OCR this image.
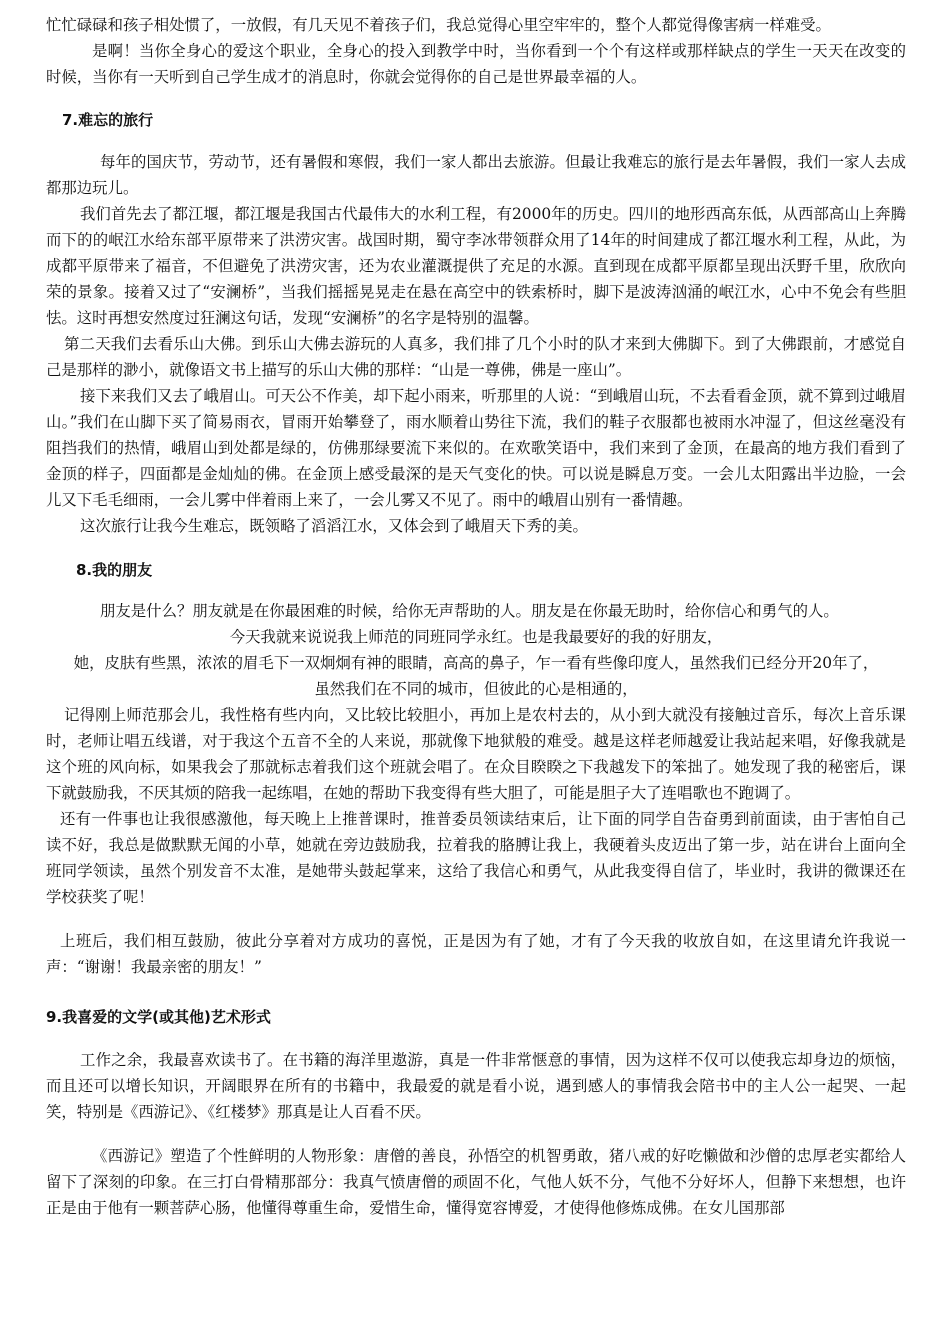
忙忙碌碌和孩子相处惯了，一放假，有几天见不着孩子们，我总觉得心里空牢牢的，整个人都觉得像害病一样难受。

是啊！当你全身心的爱这个职业，全身心的投入到教学中时，当你看到一个个有这样或那样缺点的学生一天天在改变的时候，当你有一天听到自己学生成才的消息时，你就会觉得你的自己是世界最幸福的人。

7.难忘的旅行

每年的国庆节，劳动节，还有暑假和寒假，我们一家人都出去旅游。但最让我难忘的旅行是去年暑假，我们一家人去成都那边玩儿。

我们首先去了都江堰，都江堰是我国古代最伟大的水利工程，有2000年的历史。四川的地形西高东低，从西部高山上奔腾而下的的岷江水给东部平原带来了洪涝灾害。战国时期，蜀守李冰带领群众用了14年的时间建成了都江堰水利工程，从此，为成都平原带来了福音，不但避免了洪涝灾害，还为农业灌溉提供了充足的水源。直到现在成都平原都呈现出沃野千里，欣欣向荣的景象。接着又过了“安澜桥”，当我们摇摇晃晃走在悬在高空中的铁索桥时，脚下是波涛汹涌的岷江水，心中不免会有些胆怯。这时再想安然度过狂澜这句话，发现“安澜桥”的名字是特别的温馨。

第二天我们去看乐山大佛。到乐山大佛去游玩的人真多，我们排了几个小时的队才来到大佛脚下。到了大佛跟前，才感觉自己是那样的渺小，就像语文书上描写的乐山大佛的那样：“山是一尊佛，佛是一座山”。

接下来我们又去了峨眉山。可天公不作美，却下起小雨来，听那里的人说：“到峨眉山玩，不去看看金顶，就不算到过峨眉山。”我们在山脚下买了简易雨衣，冒雨开始攀登了，雨水顺着山势往下流，我们的鞋子衣服都也被雨水冲湿了，但这丝毫没有阻挡我们的热情，峨眉山到处都是绿的，仿佛那绿要流下来似的。在欢歌笑语中，我们来到了金顶，在最高的地方我们看到了金顶的样子，四面都是金灿灿的佛。在金顶上感受最深的是天气变化的快。可以说是瞬息万变。一会儿太阳露出半边脸，一会儿又下毛毛细雨，一会儿雾中伴着雨上来了，一会儿雾又不见了。雨中的峨眉山别有一番情趣。

这次旅行让我今生难忘，既领略了滔滔江水，又体会到了峨眉天下秀的美。

8.我的朋友

朋友是什么？朋友就是在你最困难的时候，给你无声帮助的人。朋友是在你最无助时，给你信心和勇气的人。

今天我就来说说我上师范的同班同学永红。也是我最要好的我的好朋友，

她，皮肤有些黑，浓浓的眉毛下一双炯炯有神的眼睛，高高的鼻子，乍一看有些像印度人，虽然我们已经分开20年了，

虽然我们在不同的城市，但彼此的心是相通的，

记得刚上师范那会儿，我性格有些内向，又比较比较胆小，再加上是农村去的，从小到大就没有接触过音乐，每次上音乐课时，老师让唱五线谱，对于我这个五音不全的人来说，那就像下地狱般的难受。越是这样老师越爱让我站起来唱，好像我就是这个班的风向标，如果我会了那就标志着我们这个班就会唱了。在众目睽睽之下我越发下的笨拙了。她发现了我的秘密后，课下就鼓励我，不厌其烦的陪我一起练唱，在她的帮助下我变得有些大胆了，可能是胆子大了连唱歌也不跑调了。

还有一件事也让我很感激他，每天晚上上推普课时，推普委员领读结束后，让下面的同学自告奋勇到前面读，由于害怕自己读不好，我总是做默默无闻的小草，她就在旁边鼓励我，拉着我的胳膊让我上，我硬着头皮迈出了第一步，站在讲台上面向全班同学领读，虽然个别发音不太准，是她带头鼓起掌来，这给了我信心和勇气，从此我变得自信了，毕业时，我讲的微课还在学校获奖了呢！

上班后，我们相互鼓励，彼此分享着对方成功的喜悦，正是因为有了她，才有了今天我的收放自如，在这里请允许我说一声：“谢谢！我最亲密的朋友！”

9.我喜爱的文学(或其他)艺术形式

工作之余，我最喜欢读书了。在书籍的海洋里遨游，真是一件非常惬意的事情，因为这样不仅可以使我忘却身边的烦恼，而且还可以增长知识，开阔眼界在所有的书籍中，我最爱的就是看小说，遇到感人的事情我会陪书中的主人公一起哭、一起笑，特别是《西游记》、《红楼梦》那真是让人百看不厌。

《西游记》塑造了个性鲜明的人物形象：唐僧的善良，孙悟空的机智勇敢，猪八戒的好吃懒做和沙僧的忠厚老实都给人留下了深刻的印象。在三打白骨精那部分：我真气愤唐僧的顽固不化，气他人妖不分，气他不分好坏人，但静下来想想，也许正是由于他有一颗菩萨心肠，他懂得尊重生命，爱惜生命，懂得宽容博爱，才使得他修炼成佛。在女儿国那部
